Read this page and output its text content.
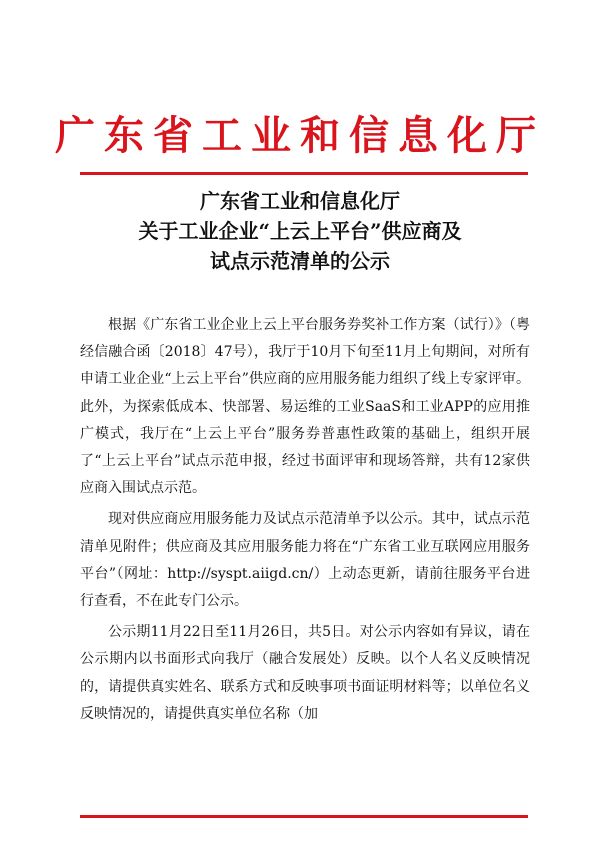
广东省工业和信息化厅
广东省工业和信息化厅
关于工业企业“上云上平台”供应商及
试点示范清单的公示

根据《广东省工业企业上云上平台服务券奖补工作方案（试行）》（粤经信融合函〔2018〕47号），我厅于10月下旬至11月上旬期间，对所有申请工业企业“上云上平台”供应商的应用服务能力组织了线上专家评审。此外，为探索低成本、快部署、易运维的工业SaaS和工业APP的应用推广模式，我厅在“上云上平台”服务券普惠性政策的基础上，组织开展了“上云上平台”试点示范申报，经过书面评审和现场答辩，共有12家供应商入围试点示范。

现对供应商应用服务能力及试点示范清单予以公示。其中，试点示范清单见附件；供应商及其应用服务能力将在“广东省工业互联网应用服务平台”（网址：http://syspt.aiigd.cn/）上动态更新，请前往服务平台进行查看，不在此专门公示。

公示期11月22日至11月26日，共5日。对公示内容如有异议，请在公示期内以书面形式向我厅（融合发展处）反映。以个人名义反映情况的，请提供真实姓名、联系方式和反映事项书面证明材料等；以单位名义反映情况的，请提供真实单位名称（加
